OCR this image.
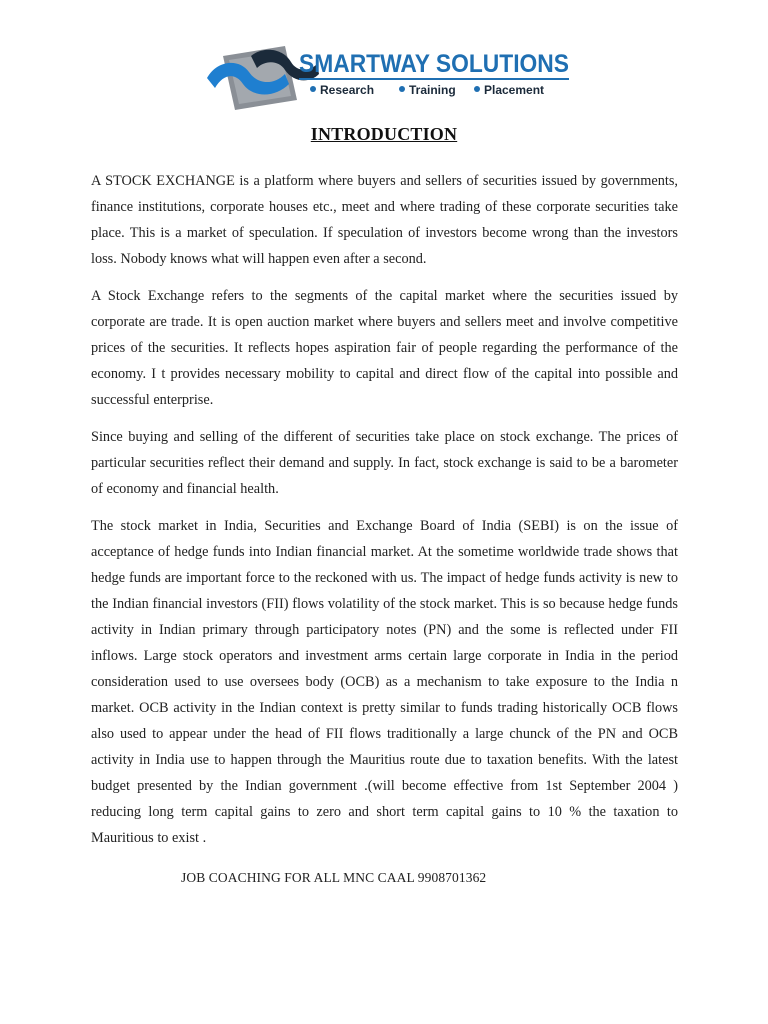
SMARTWAY SOLUTIONS
Research	Training Placement
INTRODUCTION

A STOCK EXCHANGE is a platform where buyers and sellers of securities issued by governments, finance institutions, corporate houses etc., meet and where trading of these corporate securities take place. This is a market of speculation. If speculation of investors become wrong than the investors loss. Nobody knows what will happen even after a second.

A Stock Exchange refers to the segments of the capital market where the securities issued by corporate are trade. It is open auction market where buyers and sellers meet and involve competitive prices of the securities. It reflects hopes aspiration fair of people regarding the performance of the economy. I t provides necessary mobility to capital and direct flow of the capital into possible and successful enterprise.

Since buying and selling of the different of securities take place on stock exchange. The prices of particular securities reflect their demand and supply. In fact, stock exchange is said to be a barometer of economy and financial health.

The stock market in India, Securities and Exchange Board of India (SEBI) is on the issue of acceptance of hedge funds into Indian financial market. At the sometime worldwide trade shows that hedge funds are important force to the reckoned with us. The impact of hedge funds activity is new to the Indian financial investors (FII) flows volatility of the stock market. This is so because hedge funds activity in Indian primary through participatory notes (PN) and the some is reflected under FII inflows. Large stock operators and investment arms certain large corporate in India in the period consideration used to use oversees body (OCB) as a mechanism to take exposure to the India n market. OCB activity in the Indian context is pretty similar to funds trading historically OCB flows also used to appear under the head of FII flows traditionally a large chunck of the PN and OCB activity in India use to happen through the Mauritius route due to taxation benefits. With the latest budget presented by the Indian government .(will become effective from 1st September 2004 ) reducing long term capital gains to zero and short term capital gains to 10 % the taxation to Mauritious to exist .

JOB COACHING FOR ALL MNC CAAL 9908701362
